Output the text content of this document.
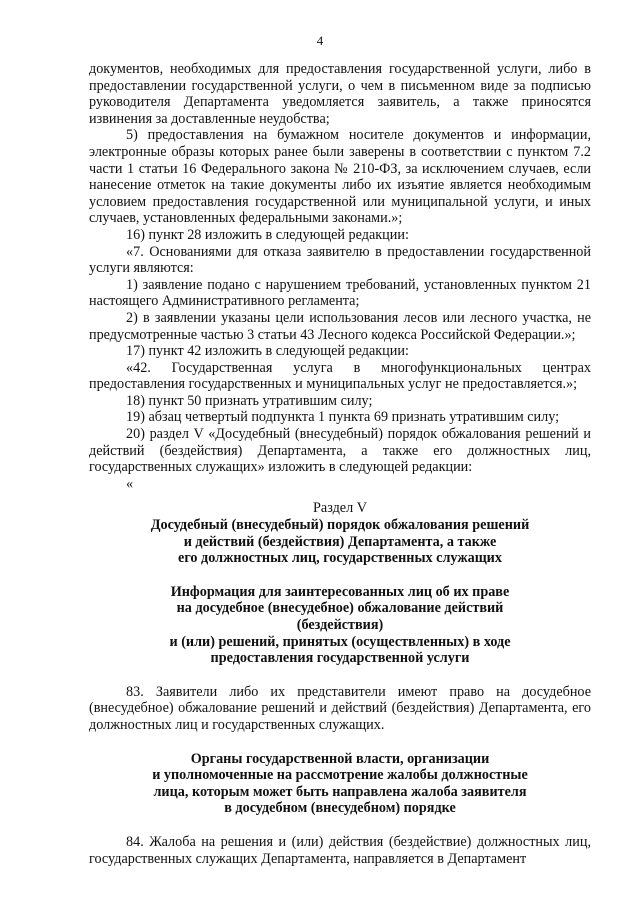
4

документов, необходимых для предоставления государственной услуги, либо в предоставлении государственной услуги, о чем в письменном виде за подписью руководителя Департамента уведомляется заявитель, а также приносятся извинения за доставленные неудобства;

5) предоставления на бумажном носителе документов и информации, электронные образы которых ранее были заверены в соответствии с пунктом 7.2 части 1 статьи 16 Федерального закона № 210-ФЗ, за исключением случаев, если нанесение отметок на такие документы либо их изъятие является необходимым условием предоставления государственной или муниципальной услуги, и иных случаев, установленных федеральными законами.»;

16) пункт 28 изложить в следующей редакции:

«7. Основаниями для отказа заявителю в предоставлении государственной услуги являются:

1) заявление подано с нарушением требований, установленных пунктом 21 настоящего Административного регламента;

2) в заявлении указаны цели использования лесов или лесного участка, не предусмотренные частью 3 статьи 43 Лесного кодекса Российской Федерации.»;

17) пункт 42 изложить в следующей редакции:

«42. Государственная услуга в многофункциональных центрах предоставления государственных и муниципальных услуг не предоставляется.»;

18) пункт 50 признать утратившим силу;

19) абзац четвертый подпункта 1 пункта 69 признать утратившим силу;

20) раздел V «Досудебный (внесудебный) порядок обжалования решений и действий (бездействия) Департамента, а также его должностных лиц, государственных служащих» изложить в следующей редакции:

«

Раздел V

Досудебный (внесудебный) порядок обжалования решений

и действий (бездействия) Департамента, а также

его должностных лиц, государственных служащих

Информация для заинтересованных лиц об их праве

на досудебное (внесудебное) обжалование действий

(бездействия)

и (или) решений, принятых (осуществленных) в ходе

предоставления государственной услуги

83. Заявители либо их представители имеют право на досудебное (внесудебное) обжалование решений и действий (бездействия) Департамента, его должностных лиц и государственных служащих.

Органы государственной власти, организации

и уполномоченные на рассмотрение жалобы должностные

лица, которым может быть направлена жалоба заявителя

в досудебном (внесудебном) порядке

84. Жалоба на решения и (или) действия (бездействие) должностных лиц, государственных служащих Департамента, направляется в Департамент
